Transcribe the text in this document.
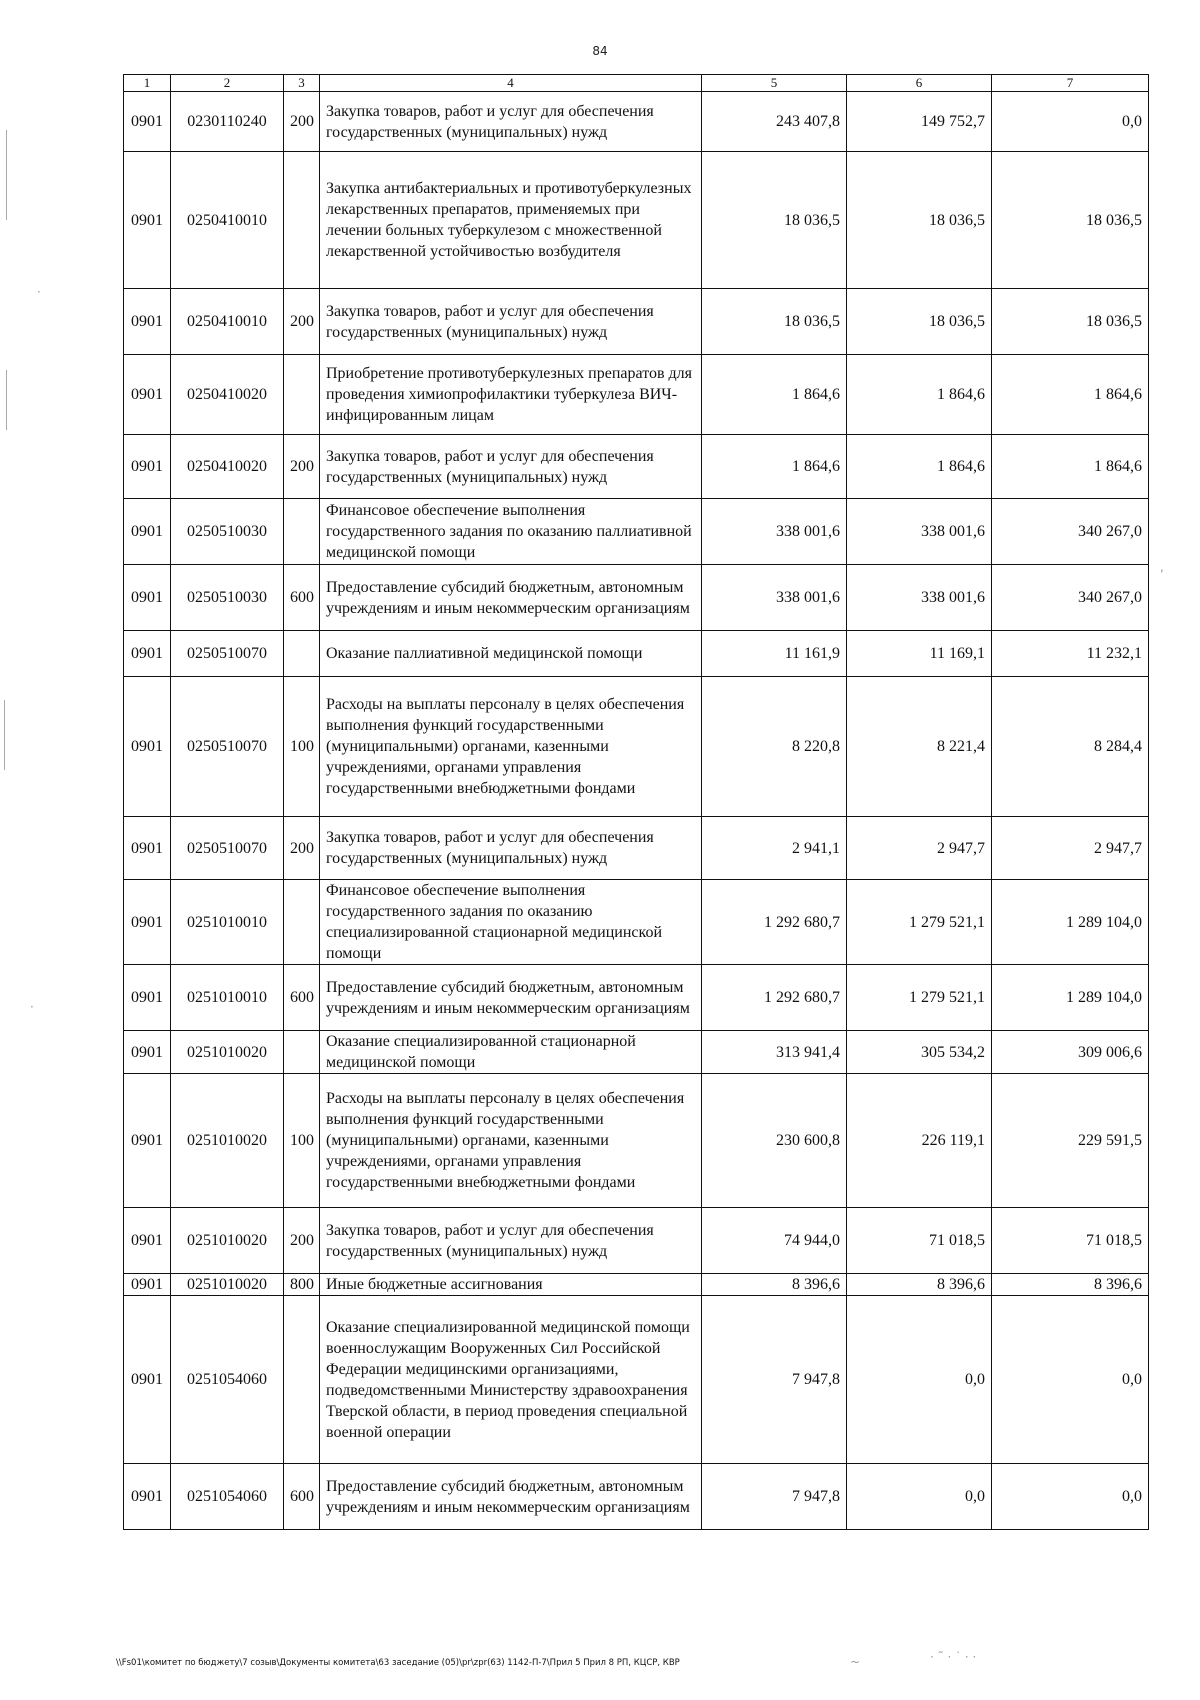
84
1	2	3	4	5	6	7
0901	0230110240	200	Закупка товаров, работ и услуг для обеспечения государственных (муниципальных) нужд	243 407,8	149 752,7	0,0
0901	0250410010		Закупка антибактериальных и противотуберкулезных лекарственных препаратов, применяемых при лечении больных туберкулезом с множественной лекарственной устойчивостью возбудителя	18 036,5	18 036,5	18 036,5
0901	0250410010	200	Закупка товаров, работ и услуг для обеспечения государственных (муниципальных) нужд	18 036,5	18 036,5	18 036,5
0901	0250410020		Приобретение противотуберкулезных препаратов для проведения химиопрофилактики туберкулеза ВИЧ-инфицированным лицам	1 864,6	1 864,6	1 864,6
0901	0250410020	200	Закупка товаров, работ и услуг для обеспечения государственных (муниципальных) нужд	1 864,6	1 864,6	1 864,6
0901	0250510030		Финансовое обеспечение выполнения государственного задания по оказанию паллиативной медицинской помощи	338 001,6	338 001,6	340 267,0
0901	0250510030	600	Предоставление субсидий бюджетным, автономным учреждениям и иным некоммерческим организациям	338 001,6	338 001,6	340 267,0
0901	0250510070		Оказание паллиативной медицинской помощи	11 161,9	11 169,1	11 232,1
0901	0250510070	100	Расходы на выплаты персоналу в целях обеспечения выполнения функций государственными (муниципальными) органами, казенными учреждениями, органами управления государственными внебюджетными фондами	8 220,8	8 221,4	8 284,4
0901	0250510070	200	Закупка товаров, работ и услуг для обеспечения государственных (муниципальных) нужд	2 941,1	2 947,7	2 947,7
0901	0251010010		Финансовое обеспечение выполнения государственного задания по оказанию специализированной стационарной медицинской помощи	1 292 680,7	1 279 521,1	1 289 104,0
0901	0251010010	600	Предоставление субсидий бюджетным, автономным учреждениям и иным некоммерческим организациям	1 292 680,7	1 279 521,1	1 289 104,0
0901	0251010020		Оказание специализированной стационарной медицинской помощи	313 941,4	305 534,2	309 006,6
0901	0251010020	100	Расходы на выплаты персоналу в целях обеспечения выполнения функций государственными (муниципальными) органами, казенными учреждениями, органами управления государственными внебюджетными фондами	230 600,8	226 119,1	229 591,5
0901	0251010020	200	Закупка товаров, работ и услуг для обеспечения государственных (муниципальных) нужд	74 944,0	71 018,5	71 018,5
0901	0251010020	800	Иные бюджетные ассигнования	8 396,6	8 396,6	8 396,6
0901	0251054060		Оказание специализированной медицинской помощи военнослужащим Вооруженных Сил Российской Федерации медицинскими организациями, подведомственными Министерству здравоохранения Тверской области, в период проведения специальной военной операции	7 947,8	0,0	0,0
0901	0251054060	600	Предоставление субсидий бюджетным, автономным учреждениям и иным некоммерческим организациям	7 947,8	0,0	0,0
·
,
·
~	· ˜ · ˙ · ·
\\Fs01\комитет по бюджету\7 созыв\Документы комитета\63 заседание (05)\pr\zpr(63) 1142-П-7\Прил 5 Прил 8 РП, КЦСР, КВР
